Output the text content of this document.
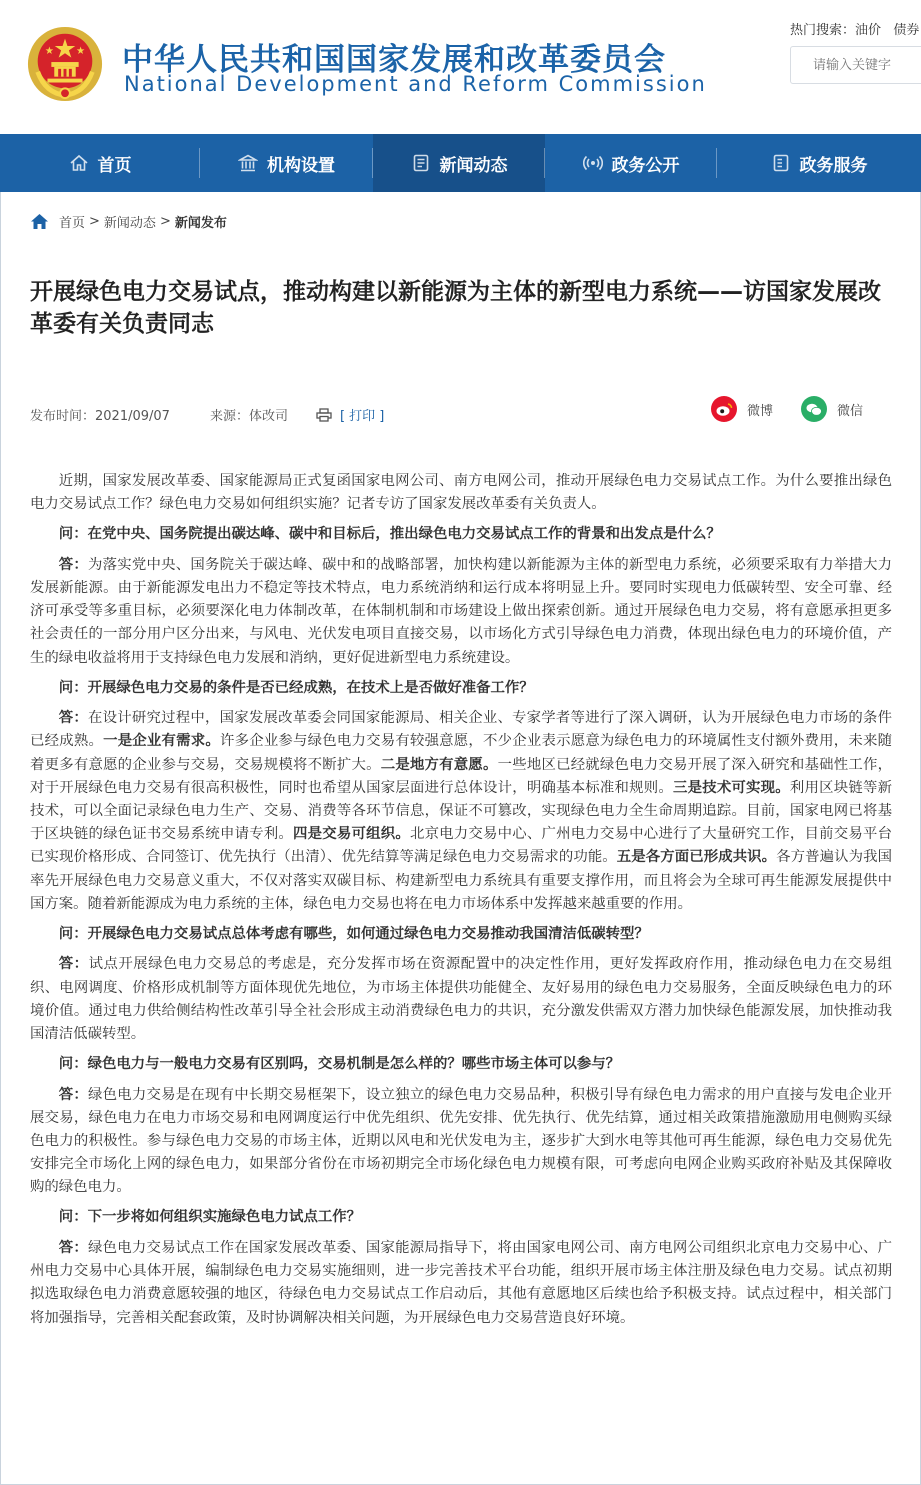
中华人民共和国国家发展和改革委员会
National Development and Reform Commission
热门搜索：油价   债券
请输入关键字
首页	机构设置	新闻动态	政务公开	政务服务
首页 > 新闻动态 > 新闻发布
开展绿色电力交易试点，推动构建以新能源为主体的新型电力系统——访国家发展改革委有关负责同志
发布时间：2021/09/07	来源：体改司	[ 打印 ]	微博	微信

近期，国家发展改革委、国家能源局正式复函国家电网公司、南方电网公司，推动开展绿色电力交易试点工作。为什么要推出绿色电力交易试点工作？绿色电力交易如何组织实施？记者专访了国家发展改革委有关负责人。

问：在党中央、国务院提出碳达峰、碳中和目标后，推出绿色电力交易试点工作的背景和出发点是什么？

答：为落实党中央、国务院关于碳达峰、碳中和的战略部署，加快构建以新能源为主体的新型电力系统，必须要采取有力举措大力发展新能源。由于新能源发电出力不稳定等技术特点，电力系统消纳和运行成本将明显上升。要同时实现电力低碳转型、安全可靠、经济可承受等多重目标，必须要深化电力体制改革，在体制机制和市场建设上做出探索创新。通过开展绿色电力交易，将有意愿承担更多社会责任的一部分用户区分出来，与风电、光伏发电项目直接交易，以市场化方式引导绿色电力消费，体现出绿色电力的环境价值，产生的绿电收益将用于支持绿色电力发展和消纳，更好促进新型电力系统建设。

问：开展绿色电力交易的条件是否已经成熟，在技术上是否做好准备工作？

答：在设计研究过程中，国家发展改革委会同国家能源局、相关企业、专家学者等进行了深入调研，认为开展绿色电力市场的条件已经成熟。一是企业有需求。许多企业参与绿色电力交易有较强意愿，不少企业表示愿意为绿色电力的环境属性支付额外费用，未来随着更多有意愿的企业参与交易，交易规模将不断扩大。二是地方有意愿。一些地区已经就绿色电力交易开展了深入研究和基础性工作，对于开展绿色电力交易有很高积极性，同时也希望从国家层面进行总体设计，明确基本标准和规则。三是技术可实现。利用区块链等新技术，可以全面记录绿色电力生产、交易、消费等各环节信息，保证不可篡改，实现绿色电力全生命周期追踪。目前，国家电网已将基于区块链的绿色证书交易系统申请专利。四是交易可组织。北京电力交易中心、广州电力交易中心进行了大量研究工作，目前交易平台已实现价格形成、合同签订、优先执行（出清）、优先结算等满足绿色电力交易需求的功能。五是各方面已形成共识。各方普遍认为我国率先开展绿色电力交易意义重大，不仅对落实双碳目标、构建新型电力系统具有重要支撑作用，而且将会为全球可再生能源发展提供中国方案。随着新能源成为电力系统的主体，绿色电力交易也将在电力市场体系中发挥越来越重要的作用。

问：开展绿色电力交易试点总体考虑有哪些，如何通过绿色电力交易推动我国清洁低碳转型？

答：试点开展绿色电力交易总的考虑是，充分发挥市场在资源配置中的决定性作用，更好发挥政府作用，推动绿色电力在交易组织、电网调度、价格形成机制等方面体现优先地位，为市场主体提供功能健全、友好易用的绿色电力交易服务，全面反映绿色电力的环境价值。通过电力供给侧结构性改革引导全社会形成主动消费绿色电力的共识，充分激发供需双方潜力加快绿色能源发展，加快推动我国清洁低碳转型。

问：绿色电力与一般电力交易有区别吗，交易机制是怎么样的？哪些市场主体可以参与？

答：绿色电力交易是在现有中长期交易框架下，设立独立的绿色电力交易品种，积极引导有绿色电力需求的用户直接与发电企业开展交易，绿色电力在电力市场交易和电网调度运行中优先组织、优先安排、优先执行、优先结算，通过相关政策措施激励用电侧购买绿色电力的积极性。参与绿色电力交易的市场主体，近期以风电和光伏发电为主，逐步扩大到水电等其他可再生能源，绿色电力交易优先安排完全市场化上网的绿色电力，如果部分省份在市场初期完全市场化绿色电力规模有限，可考虑向电网企业购买政府补贴及其保障收购的绿色电力。

问：下一步将如何组织实施绿色电力试点工作？

答：绿色电力交易试点工作在国家发展改革委、国家能源局指导下，将由国家电网公司、南方电网公司组织北京电力交易中心、广州电力交易中心具体开展，编制绿色电力交易实施细则，进一步完善技术平台功能，组织开展市场主体注册及绿色电力交易。试点初期拟选取绿色电力消费意愿较强的地区，待绿色电力交易试点工作启动后，其他有意愿地区后续也给予积极支持。试点过程中，相关部门将加强指导，完善相关配套政策，及时协调解决相关问题，为开展绿色电力交易营造良好环境。
